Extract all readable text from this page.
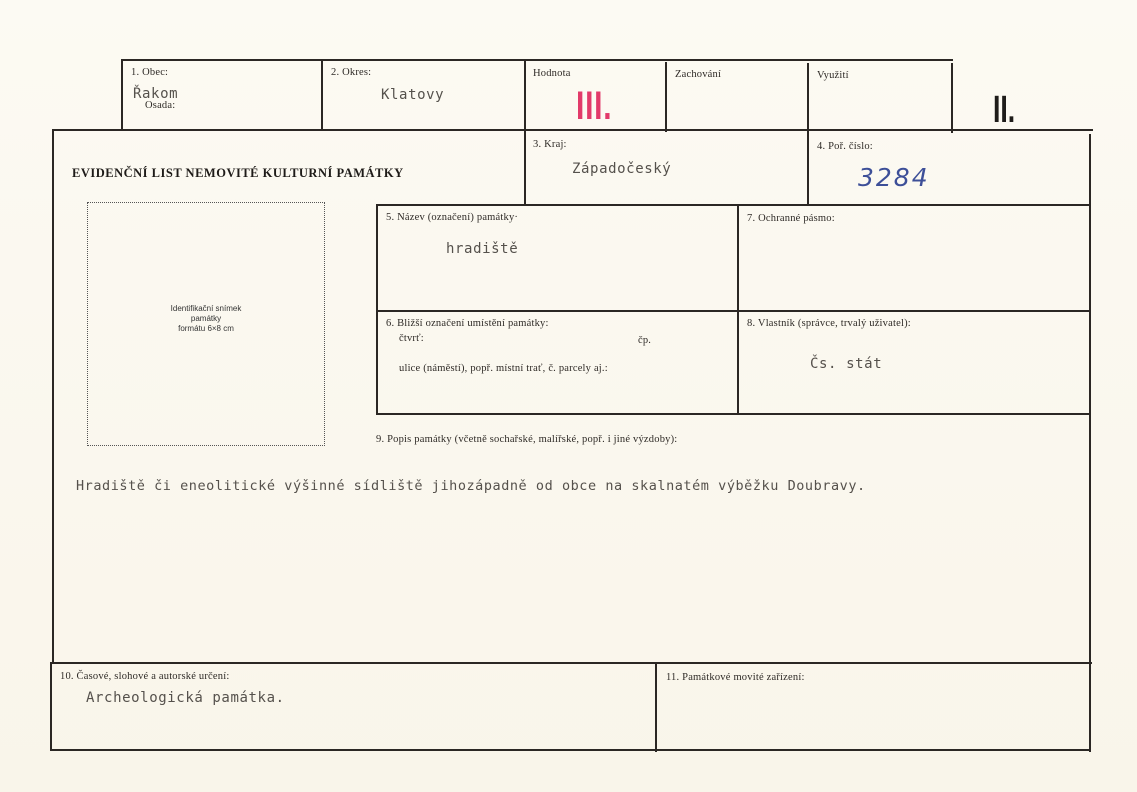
1. Obec:
Řakom
Osada:
2. Okres:
Klatovy
Hodnota
III.
Zachování	Využití
II.
EVIDENČNÍ LIST NEMOVITÉ KULTURNÍ PAMÁTKY
3. Kraj:
Západočeský
4. Poř. číslo:
3284
Identifikační snímek
památky
formátu 6×8 cm
5. Název (označení) památky·
hradiště
7. Ochranné pásmo:
6. Bližší označení umístění památky:
čtvrť:	čp.
ulice (náměstí), popř. místní trať, č. parcely aj.:
8. Vlastník (správce, trvalý uživatel):
Čs. stát
9. Popis památky (včetně sochařské, malířské, popř. i jiné výzdoby):
Hradiště či eneolitické výšinné sídliště jihozápadně od obce na skalnatém výběžku Doubravy.
10. Časové, slohové a autorské určení:
Archeologická památka.
11. Památkové movité zařízení:
